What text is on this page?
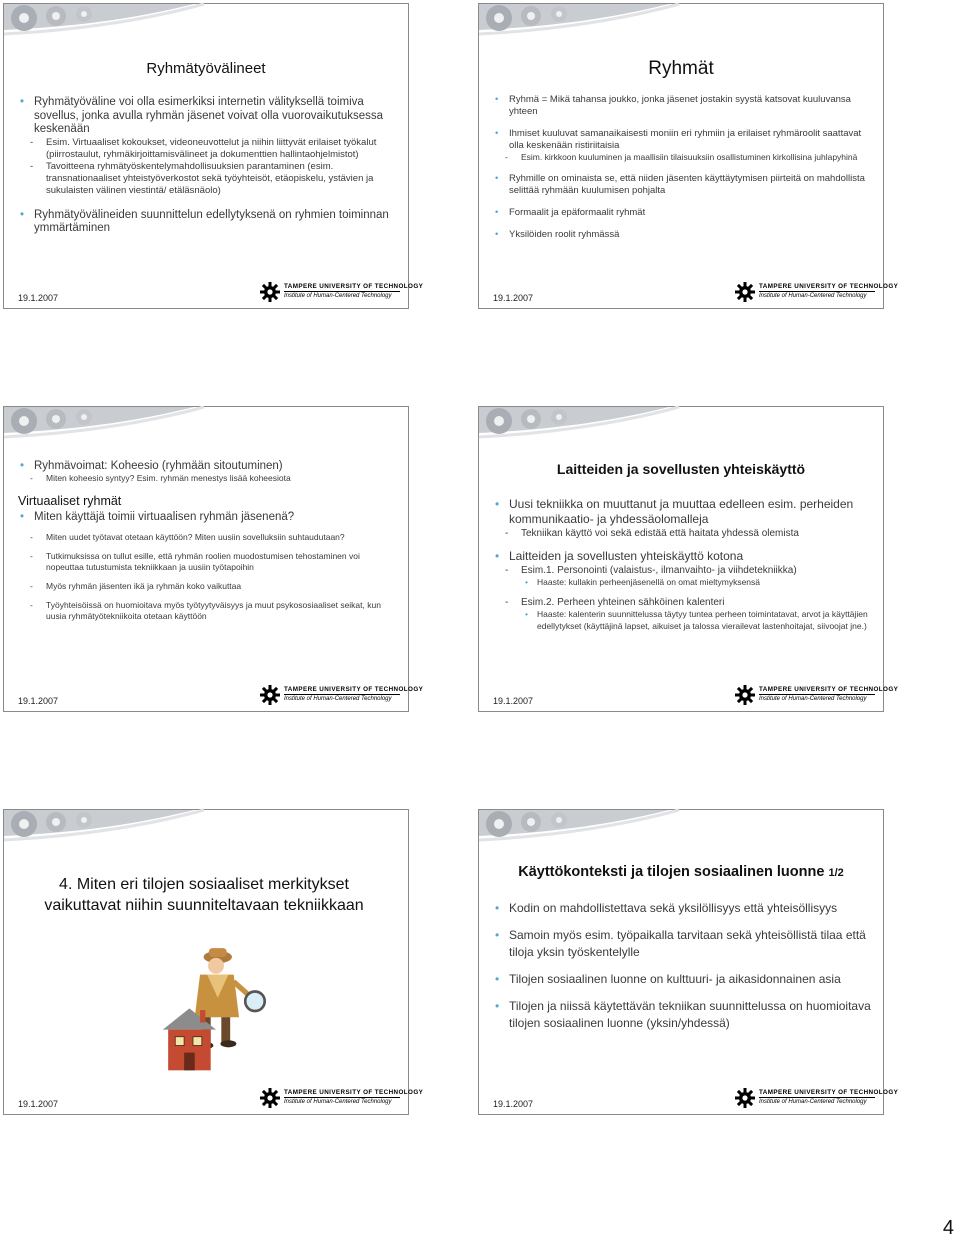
Ryhmätyövälineet
• Ryhmätyöväline voi olla esimerkiksi internetin välityksellä toimiva sovellus, jonka avulla ryhmän jäsenet voivat olla vuorovaikutuksessa keskenään
- Esim. Virtuaaliset kokoukset, videoneuvottelut ja niihin liittyvät erilaiset työkalut (piirrostaulut, ryhmäkirjoittamisvälineet ja dokumenttien hallintaohjelmistot)
- Tavoitteena ryhmätyöskentelymahdollisuuksien parantaminen (esim. transnationaaliset yhteistyöverkostot sekä työyhteisöt, etäopiskelu, ystävien ja sukulaisten välinen viestintä/ etäläsnäolo)
• Ryhmätyövälineiden suunnittelun edellytyksenä on ryhmien toiminnan ymmärtäminen
19.1.2007
TAMPERE UNIVERSITY OF TECHNOLOGY
Institute of Human-Centered Technology
Ryhmät
• Ryhmä = Mikä tahansa joukko, jonka jäsenet jostakin syystä katsovat kuuluvansa yhteen
• Ihmiset kuuluvat samanaikaisesti moniin eri ryhmiin ja erilaiset ryhmäroolit saattavat olla keskenään ristiriitaisia
- Esim. kirkkoon kuuluminen ja maallisiin tilaisuuksiin osallistuminen kirkollisina juhlapyhinä
• Ryhmille on ominaista se, että niiden jäsenten käyttäytymisen piirteitä on mahdollista selittää ryhmään kuulumisen pohjalta
• Formaalit ja epäformaalit ryhmät
• Yksilöiden roolit ryhmässä
19.1.2007
TAMPERE UNIVERSITY OF TECHNOLOGY
Institute of Human-Centered Technology
• Ryhmävoimat: Koheesio (ryhmään sitoutuminen)
- Miten koheesio syntyy? Esim. ryhmän menestys lisää koheesiota
Virtuaaliset ryhmät
• Miten käyttäjä toimii virtuaalisen ryhmän jäsenenä?
- Miten uudet työtavat otetaan käyttöön? Miten uusiin sovelluksiin suhtaudutaan?
- Tutkimuksissa on tullut esille, että ryhmän roolien muodostumisen tehostaminen voi nopeuttaa tutustumista tekniikkaan ja uusiin työtapoihin
- Myös ryhmän jäsenten ikä ja ryhmän koko vaikuttaa
- Työyhteisöissä on huomioitava myös työtyytyväisyys ja muut psykososiaaliset seikat, kun uusia ryhmätyötekniikoita otetaan käyttöön
19.1.2007
TAMPERE UNIVERSITY OF TECHNOLOGY
Institute of Human-Centered Technology
Laitteiden ja sovellusten yhteiskäyttö
• Uusi tekniikka on muuttanut ja muuttaa edelleen esim. perheiden kommunikaatio- ja yhdessäolomalleja
- Tekniikan käyttö voi sekä edistää että haitata yhdessä olemista
• Laitteiden ja sovellusten yhteiskäyttö kotona
- Esim.1. Personointi (valaistus-, ilmanvaihto- ja viihdetekniikka)
• Haaste: kullakin perheenjäsenellä on omat mieltymyksensä
- Esim.2. Perheen yhteinen sähköinen kalenteri
• Haaste: kalenterin suunnittelussa täytyy tuntea perheen toimintatavat, arvot ja käyttäjien edellytykset (käyttäjinä lapset, aikuiset ja talossa vierailevat lastenhoitajat, siivoojat jne.)
19.1.2007
TAMPERE UNIVERSITY OF TECHNOLOGY
Institute of Human-Centered Technology
4. Miten eri tilojen sosiaaliset merkitykset vaikuttavat niihin suunniteltavaan tekniikkaan
19.1.2007
TAMPERE UNIVERSITY OF TECHNOLOGY
Institute of Human-Centered Technology
Käyttökonteksti ja tilojen sosiaalinen luonne 1/2
• Kodin on mahdollistettava sekä yksilöllisyys että yhteisöllisyys
• Samoin myös esim. työpaikalla tarvitaan sekä yhteisöllistä tilaa että tiloja yksin työskentelylle
• Tilojen sosiaalinen luonne on kulttuuri- ja aikasidonnainen asia
• Tilojen ja niissä käytettävän tekniikan suunnittelussa on huomioitava tilojen sosiaalinen luonne (yksin/yhdessä)
19.1.2007
TAMPERE UNIVERSITY OF TECHNOLOGY
Institute of Human-Centered Technology
4
